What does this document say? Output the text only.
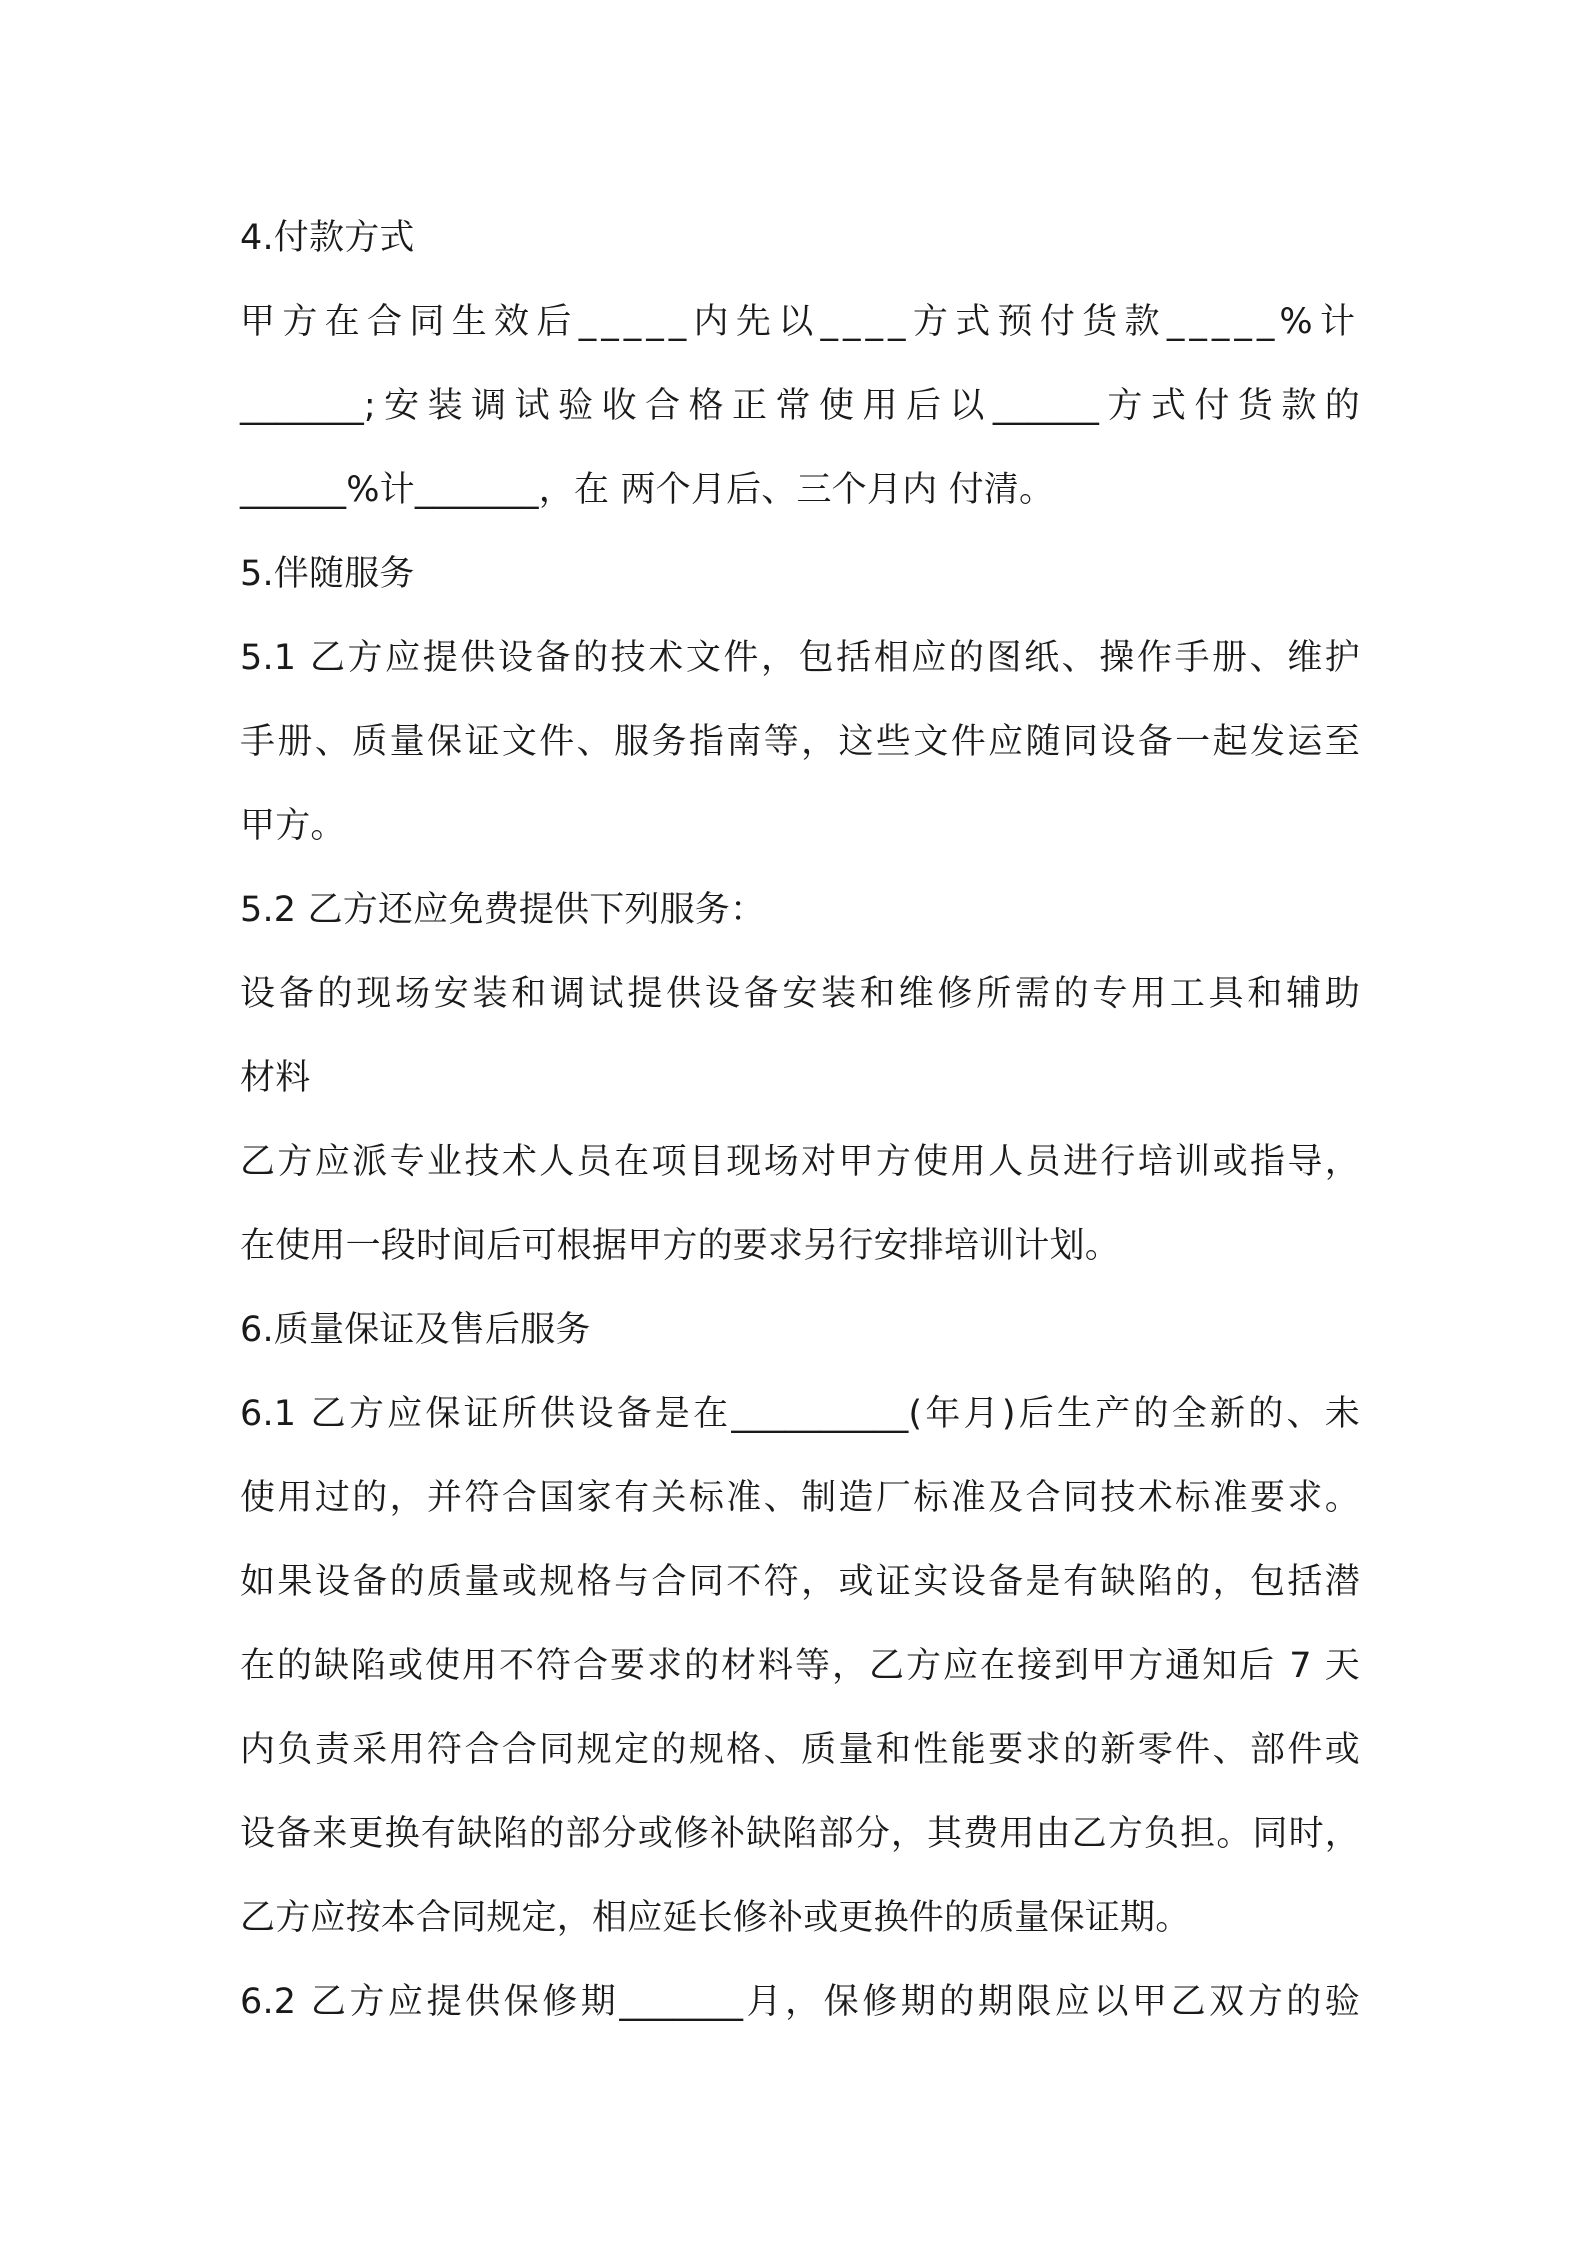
4.付款方式
甲方在合同生效后_____内先以____方式预付货款_____%计
_______;安装调试验收合格正常使用后以______方式付货款的
______%计_______，在 两个月后、三个月内 付清。
5.伴随服务
5.1 乙方应提供设备的技术文件，包括相应的图纸、操作手册、维护
手册、质量保证文件、服务指南等，这些文件应随同设备一起发运至
甲方。
5.2 乙方还应免费提供下列服务：
设备的现场安装和调试提供设备安装和维修所需的专用工具和辅助
材料
乙方应派专业技术人员在项目现场对甲方使用人员进行培训或指导，
在使用一段时间后可根据甲方的要求另行安排培训计划。
6.质量保证及售后服务
6.1 乙方应保证所供设备是在__________(年月)后生产的全新的、未
使用过的，并符合国家有关标准、制造厂标准及合同技术标准要求。
如果设备的质量或规格与合同不符，或证实设备是有缺陷的，包括潜
在的缺陷或使用不符合要求的材料等，乙方应在接到甲方通知后 7 天
内负责采用符合合同规定的规格、质量和性能要求的新零件、部件或
设备来更换有缺陷的部分或修补缺陷部分，其费用由乙方负担。同时，
乙方应按本合同规定，相应延长修补或更换件的质量保证期。
6.2 乙方应提供保修期_______月，保修期的期限应以甲乙双方的验
